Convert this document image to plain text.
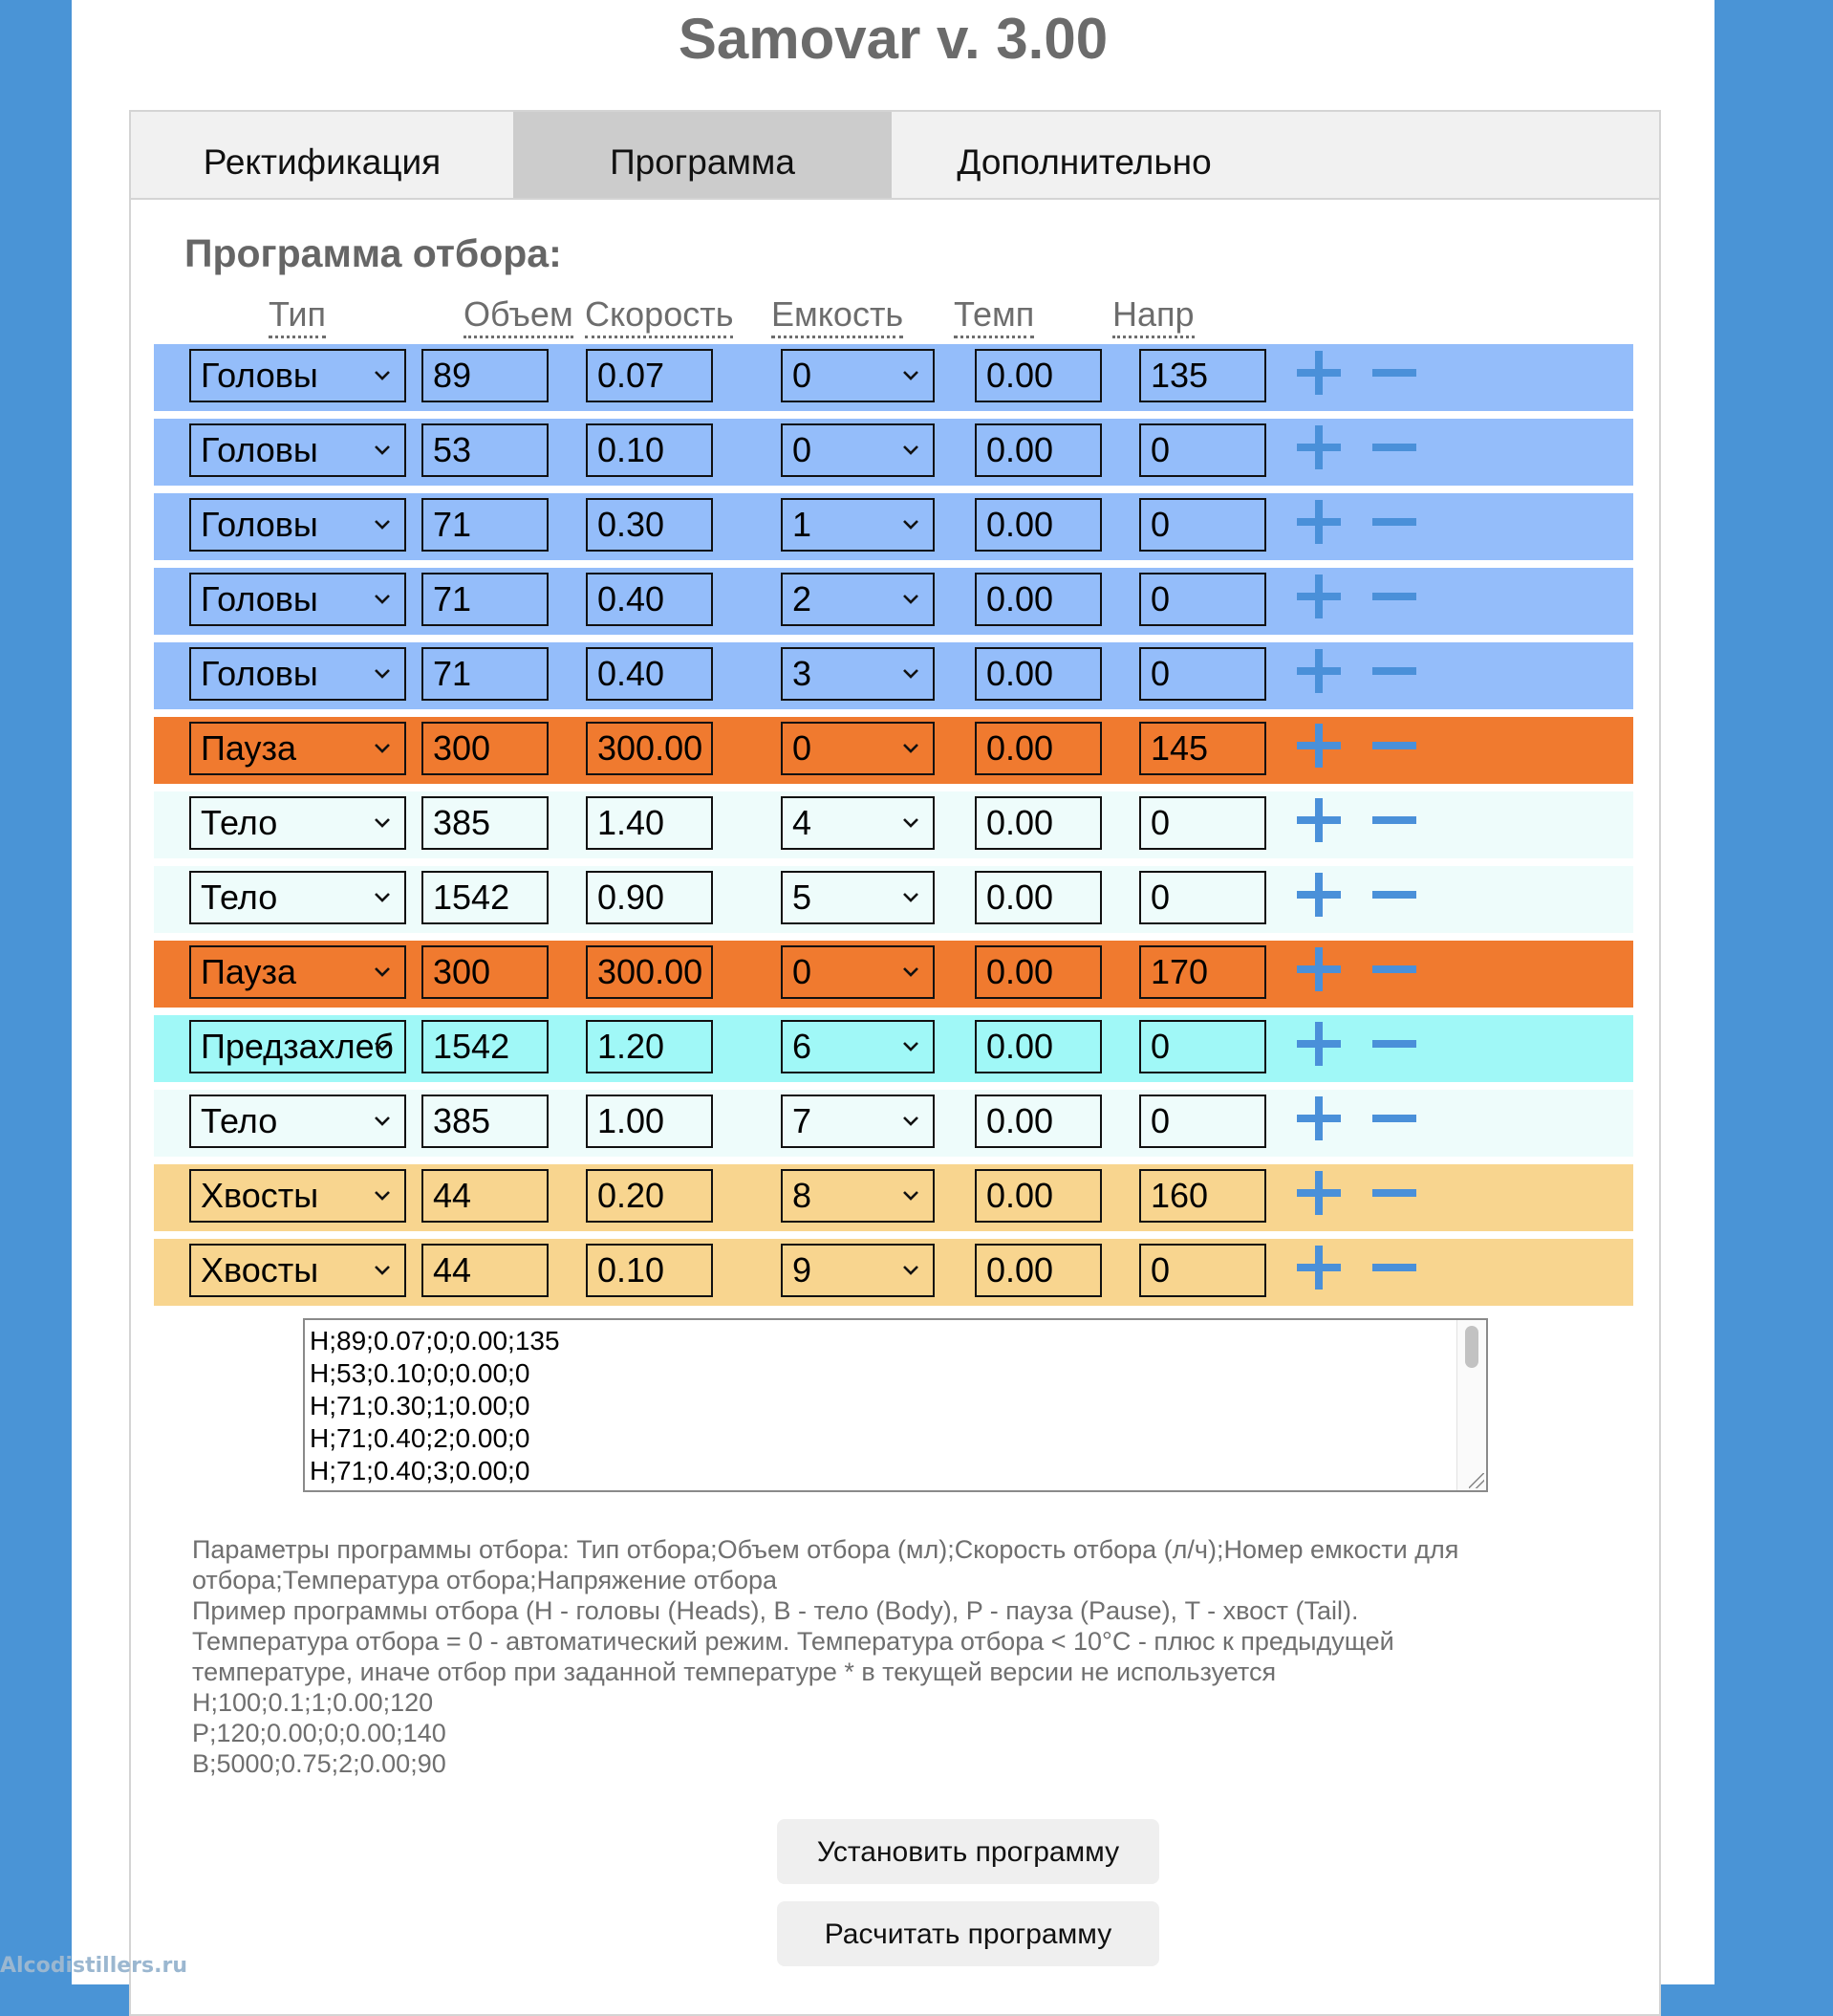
Samovar v. 3.00
Ректификация	Программа	Дополнительно
Программа отбора:
Тип	Объем Скорость Емкость Темп Напр
Головы	89	0.07	0	0.00	135
Головы	53	0.10	0	0.00	0
Головы	71	0.30	1	0.00	0
Головы	71	0.40	2	0.00	0
Головы	71	0.40	3	0.00	0
Пауза	300	300.00	0	0.00	145
Тело	385	1.40	4	0.00	0
Тело	1542	0.90	5	0.00	0
Пауза	300	300.00	0	0.00	170
Предзахлеб	1542	1.20	6	0.00	0
Тело	385	1.00	7	0.00	0
Хвосты	44	0.20	8	0.00	160
Хвосты	44	0.10	9	0.00	0
H;89;0.07;0;0.00;135
H;53;0.10;0;0.00;0
H;71;0.30;1;0.00;0
H;71;0.40;2;0.00;0
H;71;0.40;3;0.00;0
Параметры программы отбора: Тип отбора;Объем отбора (мл);Скорость отбора (л/ч);Номер емкости для
отбора;Температура отбора;Напряжение отбора
Пример программы отбора (H - головы (Heads), B - тело (Body), P - пауза (Pause), T - хвост (Tail).
Температура отбора = 0 - автоматический режим. Температура отбора < 10°C - плюс к предыдущей
температуре, иначе отбор при заданной температуре * в текущей версии не используется
H;100;0.1;1;0.00;120
P;120;0.00;0;0.00;140
B;5000;0.75;2;0.00;90
Установить программу
Расчитать программу
Alcodistillers.ru
